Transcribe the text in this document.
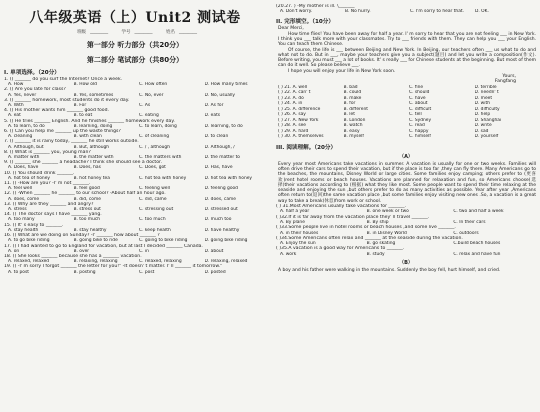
八年级英语（上）Unit2 测试卷
班级 ________	学号 ________	姓名 ________
第一部分 听力部分（共20分）
第二部分 笔试部分（共80分）
I. 单项选择。（20分）
1. () _______ do you surf the Internet? Once a week.
A. How	B. How old	C. How often	D. How many times
2. () Are you late for class?
A. Yes, never	B. Yes, sometimes	C. No, ever	D. No, usually
3. () _______ homework, most students do it every day.
A. With	B. For	C. As	D. As for
4. () His mother wants him _______ good food.
A. eat	B. to eat	C. eating	D. eats
5. () He tries _______ English. And he finishes _______ homework every day.
A. to learn, to do	B. learning, doing	C. to learn, doing	D. learning, to do
6. () Can you help me _______ up the waste things?
A. cleaning	B. with clean	C. of cleaning	D. to clean
7. () _______ it is rainy today, _______ he still works outside.
A. Although, but	B. But, although	C. / , although	D. Although, /
8. () What is _______ you, young man?
A. matter with	B. the matter with	C. the matters with	D. the matter to
9. () _______ she _______ a headache? I think she should see a doctor.
A. Does, have	B. Does, has	C. Does, got	D. Has, have
10. () You should drink _______.
A. hot tea of honey	B. hot honey tea	C. hot tea with honey	D. hot tea with honey
11. () -How are you? -I' m not _______.
A. feel well	B. feel good	C. feeling well	D. feeling good
12. () -When _______ he _______ to our school? -About half an hour ago.
A. does, come	B. did, come	C. did, came	D. does, came
13. () Why are they _______ and angry?
A. stress	B. stress out	C. stressing out	D. stressed out
14. () The doctor says I have _______ yang.
A. too many	B. too much	C. too much	D. much too
15. () It' s easy to _______.
A. stay health	B. stay healthy	C. keep health	D. have healthy
16. () What are we doing on Sunday? -I' _______ how about _______ ?
A. to go bike riding	B. going bike to ride	C. going to bike riding	D. going bike riding
17. () I had wanted to go to England for vacation, but at last I decided _______ Canada.
A. on	B. over	C. in	D. about
18. () She looks _______ because she has a _______ vacation.
A. relaxed, relaxed	B. relaxing, relaxing	C. relaxed, relaxing	D. relaxing, relaxed
19. () -I' m sorry I forgot _______ the letter for you!" -It doesn' t matter. I' ll _______ it tomorrow."
A. to post	B. posting	C. post	D. posted
(20.27. ) -My mother is ill. \_______
A. Don't worry.	B. No hurry.	C. I'm sorry to hear that.	D. OK.
II. 完形填空。（10分）
Dear Merci,
How time flies! You have been away for half a year. I' m sorry to hear that you are not feeling ___ in New York. I think you ___ talk more with your classmates. Try to ___ friends with them. They can help you ___ your English. You can teach them Chinese.
Of course, the life is ___ between Beijing and New York. In Beijing, our teachers often ___ us what to do and what not to do. But in ___, maybe your teachers give you a subject(题目) and let you write a composition(作文). Before writing, you must ___ a lot of books. It' s really ___ for Chinese students at the beginning. But most of them can do it well. So please believe ___.
I hope you will enjoy your life in New York soon.
Yours,
Fangfang
( ) 21. A. well	B. bad	C. fine	D. terrible
( ) 22. A. can' t	B. could	C. should	D. needn' t
( ) 23. A. do	B. make	C. have	D. meet
( ) 24. A. in	B. for	C. about	D. with
( ) 25. A. difference	B. different	C. difficult	D. difficulty
( ) 26. A. say	B. let	C. tell	D. help
( ) 27. A. New York	B. London	C. Sydney	D. Shanghai
( ) 28. A. see	B. watch	C. read	D. write
( ) 29. A. hard	B. easy	C. happy	D. sad
( ) 30. A. themselves	B. myself	C. himself	D. yourself
III. 阅读理解。（20分）
（A）
Every year most Americans take vacations in summer. A vacation is usually for one or two weeks. Families will often drive their cars to spend their vacation, but if the place is too far ,they can fly there. Many Americans go to the beaches, the mountains, Disney World or large cities. Some families enjoy camping; others prefer to (更喜欢)rent hotel rooms or beach houses. Vacations are planned for relaxation and fun, so Americans choose(选择)their vacations according to (根据) what they like most. Some people want to spend their time relaxing at the seaside and enjoying the sun ,but others prefer to do as many activities as possible. Year after year ,Americans often return to(返回)the same vacation place ,but some families enjoy visiting new ones .So, a vacation is a great way to take a break(休息)from work or school.
( ) 31.Most Americans usually take vacations for _______.
A. half a year	B. one week or two	C. two and half a week
( )32.If it is far away from the vacation place they' ll travel _______.
A. By plane	B. By ship	C. In their cars
( )33.Some people live in hotel rooms or beach houses ,and some live _______.
A. in their houses	B. in Disney World	C. outdoors
( )34.Some Americans often relax and _______ at the seaside during the vacation.
A. Enjoy the sun	B. go skating	C.build beach houses
( )35.A vacation is a good way for Americans to _______.
A. work	B. study	C. relax and have fun
（B）
A boy and his father were walking in the mountains. Suddenly the boy fell, hurt himself, and cried.
